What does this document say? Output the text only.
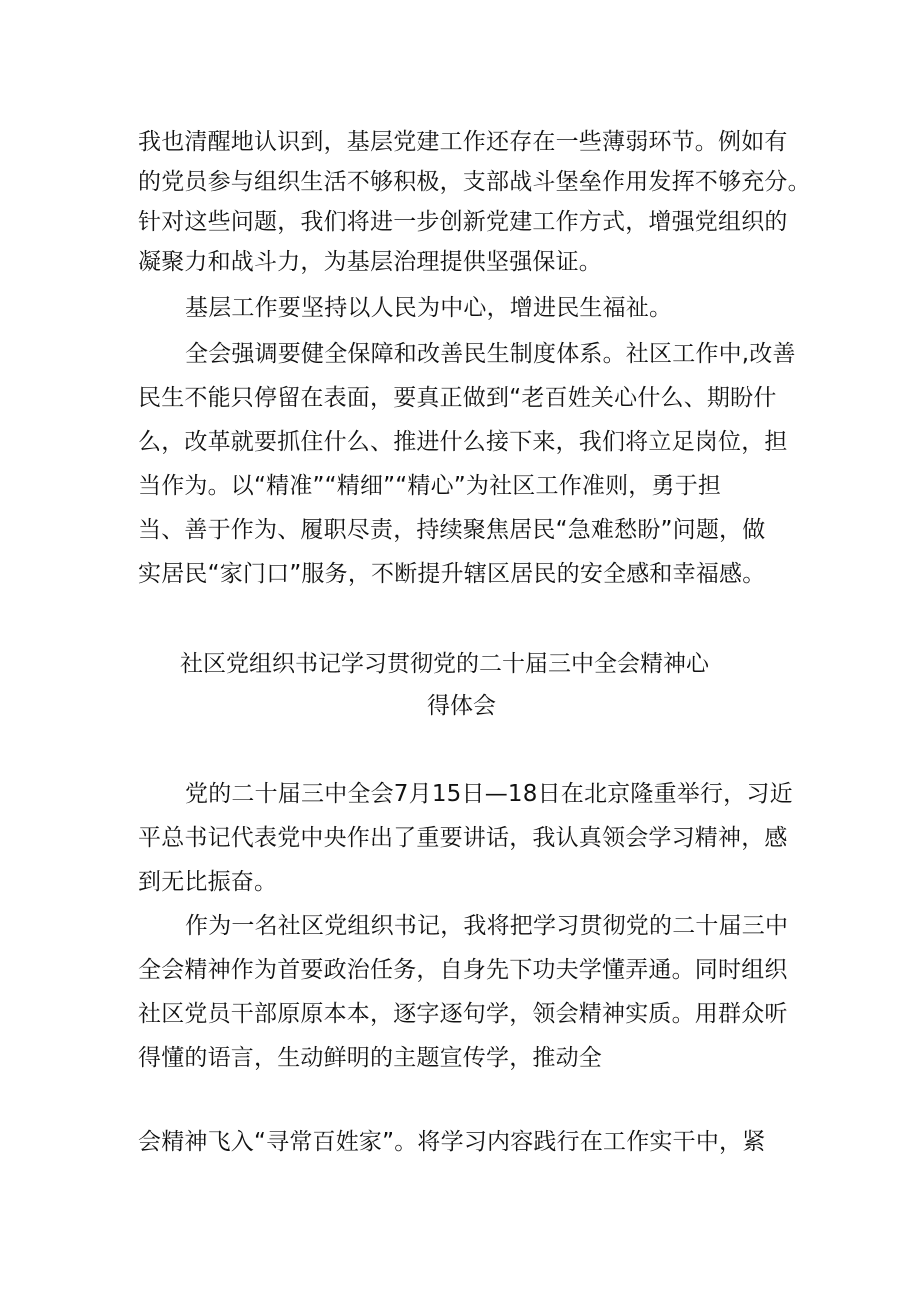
我也清醒地认识到，基层党建工作还存在一些薄弱环节。例如有
的党员参与组织生活不够积极，支部战斗堡垒作用发挥不够充分。
针对这些问题，我们将进一步创新党建工作方式，增强党组织的
凝聚力和战斗力，为基层治理提供坚强保证。
基层工作要坚持以人民为中心，增进民生福祉。
全会强调要健全保障和改善民生制度体系。社区工作中,改善
民生不能只停留在表面，要真正做到“老百姓关心什么、期盼什
么，改革就要抓住什么、推进什么接下来，我们将立足岗位，担
当作为。以“精准”“精细”“精心”为社区工作准则，勇于担
当、善于作为、履职尽责，持续聚焦居民“急难愁盼”问题，做
实居民“家门口”服务，不断提升辖区居民的安全感和幸福感。
社区党组织书记学习贯彻党的二十届三中全会精神心
得体会
党的二十届三中全会7月15日—18日在北京隆重举行，习近
平总书记代表党中央作出了重要讲话，我认真领会学习精神，感
到无比振奋。
作为一名社区党组织书记，我将把学习贯彻党的二十届三中
全会精神作为首要政治任务，自身先下功夫学懂弄通。同时组织
社区党员干部原原本本，逐字逐句学，领会精神实质。用群众听
得懂的语言，生动鲜明的主题宣传学，推动全
会精神飞入“寻常百姓家”。将学习内容践行在工作实干中，紧
